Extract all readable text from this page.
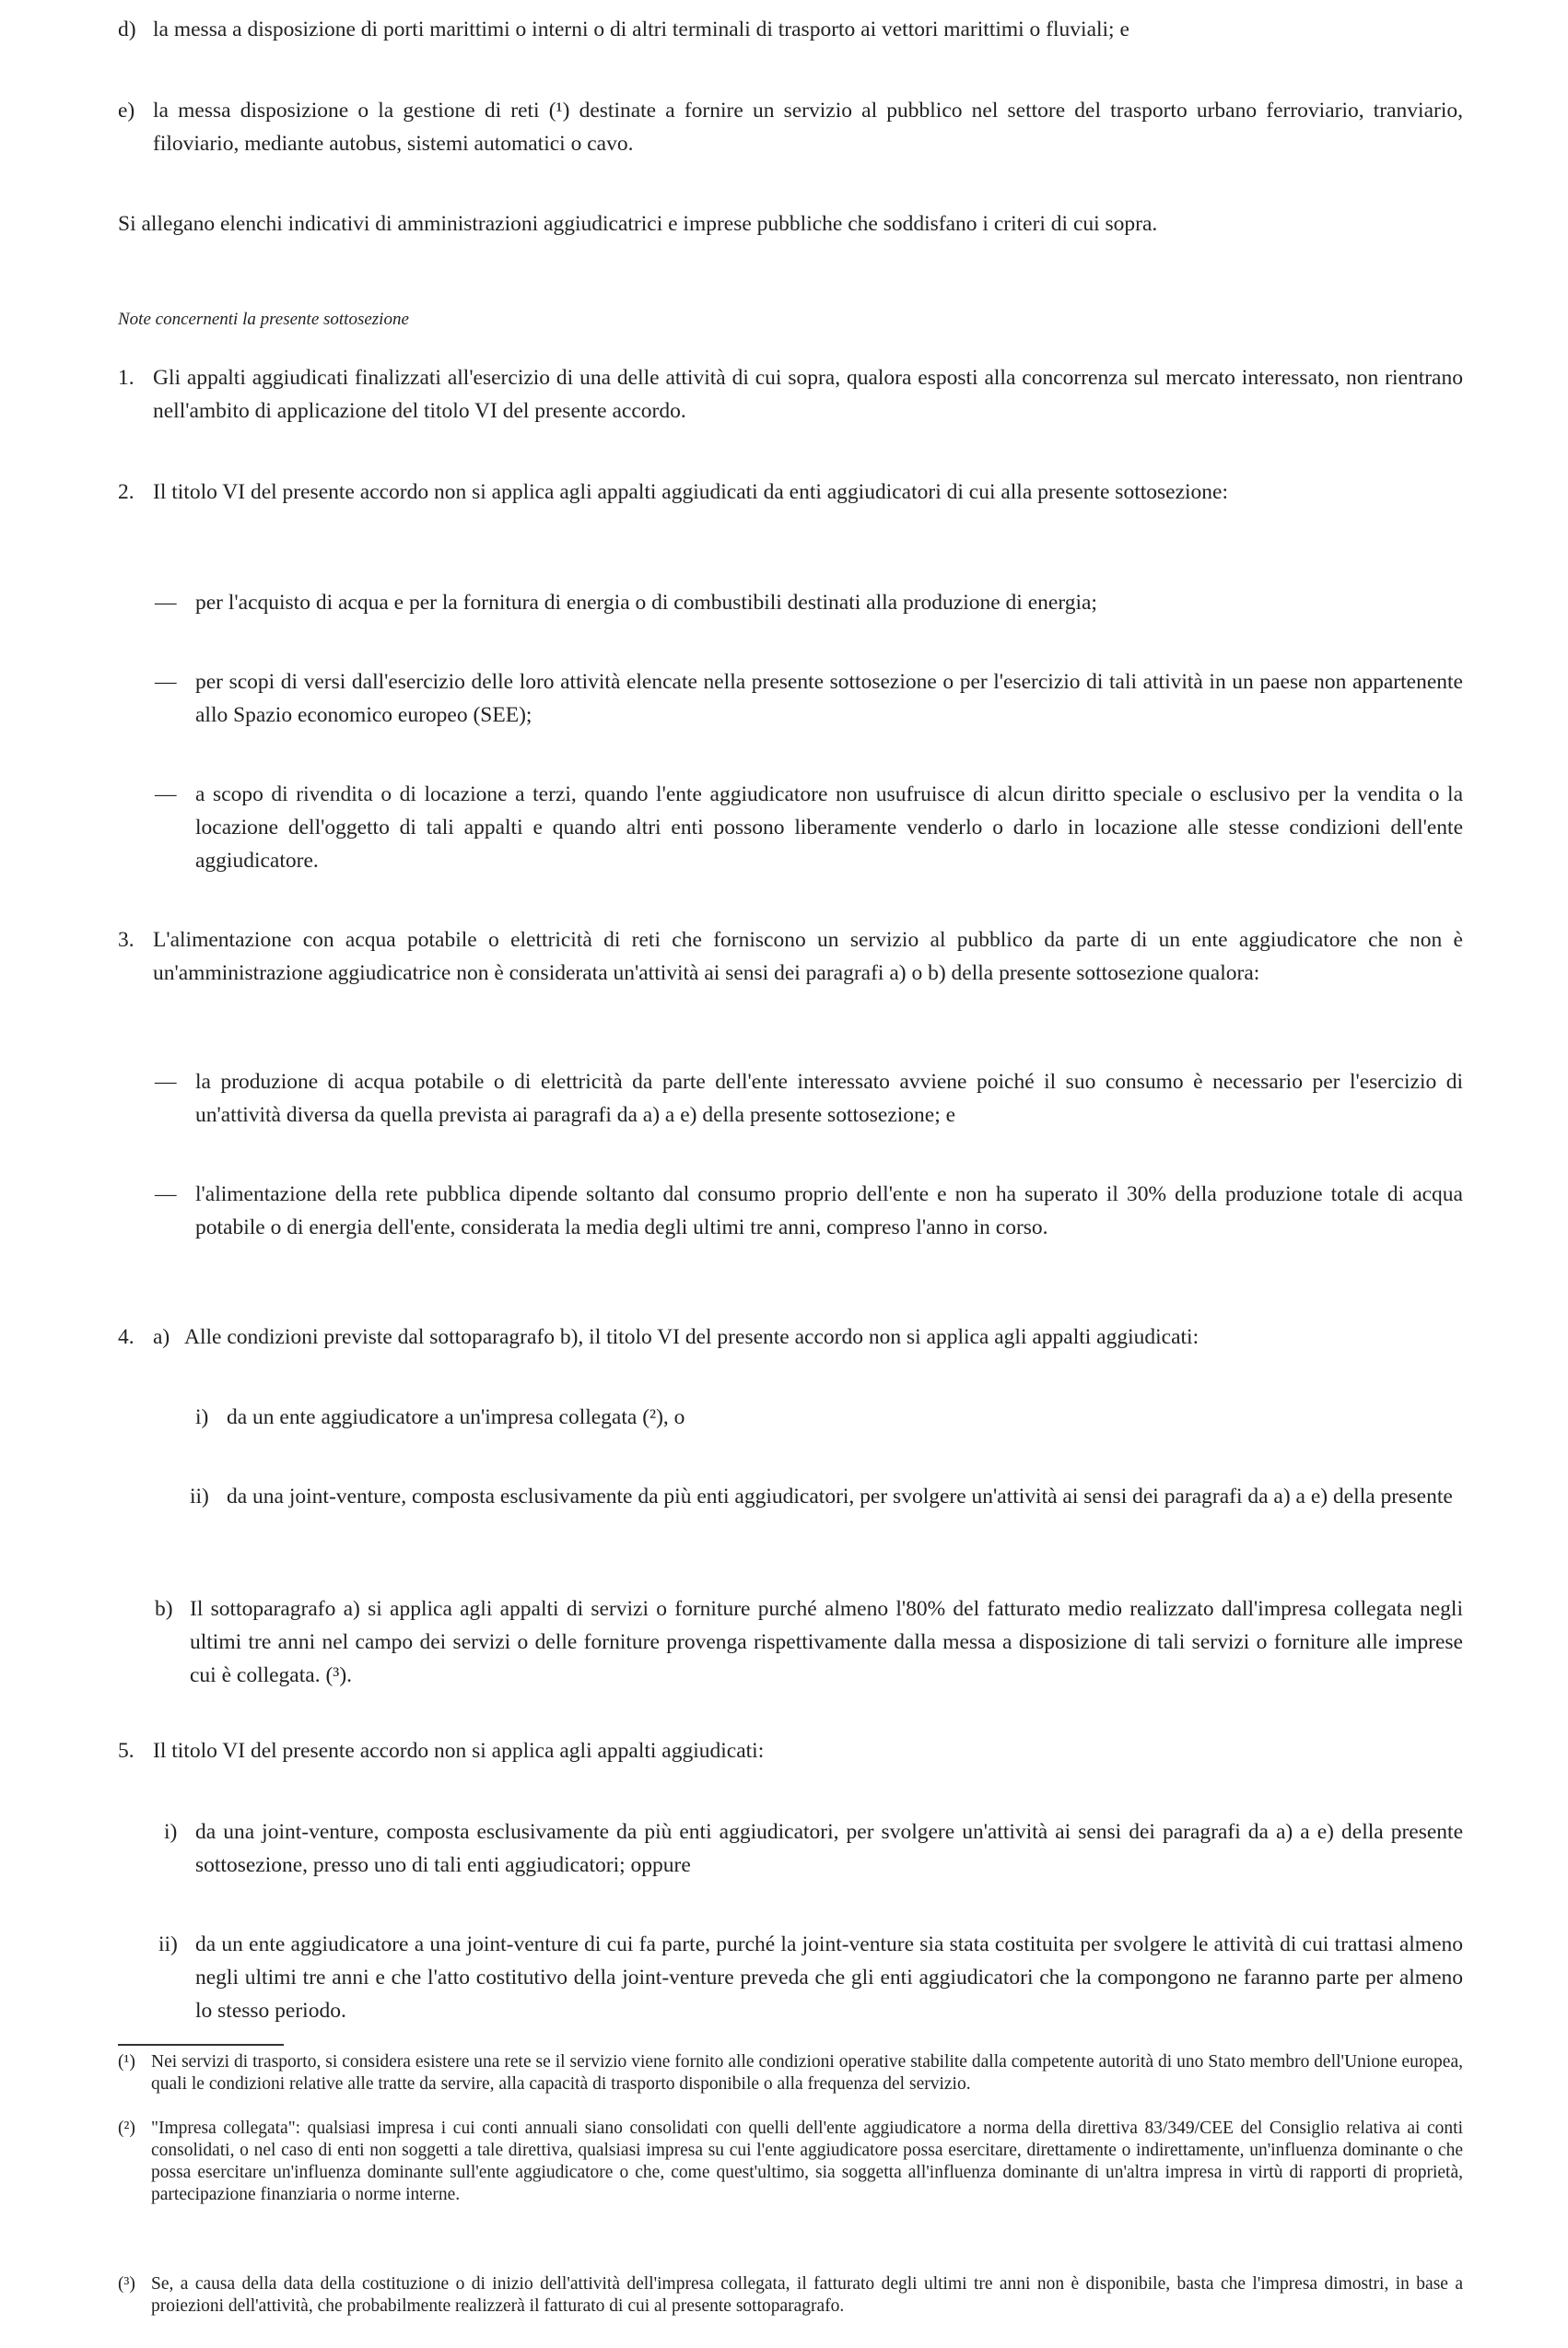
d) la messa a disposizione di porti marittimi o interni o di altri terminali di trasporto ai vettori marittimi o fluviali; e

e) la messa disposizione o la gestione di reti (¹) destinate a fornire un servizio al pubblico nel settore del trasporto urbano ferroviario, tranviario, filoviario, mediante autobus, sistemi automatici o cavo.

Si allegano elenchi indicativi di amministrazioni aggiudicatrici e imprese pubbliche che soddisfano i criteri di cui sopra.

Note concernenti la presente sottosezione
1. Gli appalti aggiudicati finalizzati all'esercizio di una delle attività di cui sopra, qualora esposti alla concorrenza sul mercato interessato, non rientrano nell'ambito di applicazione del titolo VI del presente accordo.

2. Il titolo VI del presente accordo non si applica agli appalti aggiudicati da enti aggiudicatori di cui alla presente sottosezione:

— per l'acquisto di acqua e per la fornitura di energia o di combustibili destinati alla produzione di energia;

— per scopi di versi dall'esercizio delle loro attività elencate nella presente sottosezione o per l'esercizio di tali attività in un paese non appartenente allo Spazio economico europeo (SEE);

— a scopo di rivendita o di locazione a terzi, quando l'ente aggiudicatore non usufruisce di alcun diritto speciale o esclusivo per la vendita o la locazione dell'oggetto di tali appalti e quando altri enti possono liberamente venderlo o darlo in locazione alle stesse condizioni dell'ente aggiudicatore.

3. L'alimentazione con acqua potabile o elettricità di reti che forniscono un servizio al pubblico da parte di un ente aggiudicatore che non è un'amministrazione aggiudicatrice non è considerata un'attività ai sensi dei paragrafi a) o b) della presente sottosezione qualora:

— la produzione di acqua potabile o di elettricità da parte dell'ente interessato avviene poiché il suo consumo è necessario per l'esercizio di un'attività diversa da quella prevista ai paragrafi da a) a e) della presente sottosezione; e

— l'alimentazione della rete pubblica dipende soltanto dal consumo proprio dell'ente e non ha superato il 30% della produzione totale di acqua potabile o di energia dell'ente, considerata la media degli ultimi tre anni, compreso l'anno in corso.

4. a) Alle condizioni previste dal sottoparagrafo b), il titolo VI del presente accordo non si applica agli appalti aggiudicati:

i) da un ente aggiudicatore a un'impresa collegata (²), o

ii) da una joint-venture, composta esclusivamente da più enti aggiudicatori, per svolgere un'attività ai sensi dei paragrafi da a) a e) della presente

b) Il sottoparagrafo a) si applica agli appalti di servizi o forniture purché almeno l'80% del fatturato medio realizzato dall'impresa collegata negli ultimi tre anni nel campo dei servizi o delle forniture provenga rispettivamente dalla messa a disposizione di tali servizi o forniture alle imprese cui è collegata. (³).

5. Il titolo VI del presente accordo non si applica agli appalti aggiudicati:

i) da una joint-venture, composta esclusivamente da più enti aggiudicatori, per svolgere un'attività ai sensi dei paragrafi da a) a e) della presente sottosezione, presso uno di tali enti aggiudicatori; oppure

ii) da un ente aggiudicatore a una joint-venture di cui fa parte, purché la joint-venture sia stata costituita per svolgere le attività di cui trattasi almeno negli ultimi tre anni e che l'atto costitutivo della joint-venture preveda che gli enti aggiudicatori che la compongono ne faranno parte per almeno lo stesso periodo.

(¹) Nei servizi di trasporto, si considera esistere una rete se il servizio viene fornito alle condizioni operative stabilite dalla competente autorità di uno Stato membro dell'Unione europea, quali le condizioni relative alle tratte da servire, alla capacità di trasporto disponibile o alla frequenza del servizio.

(²) "Impresa collegata": qualsiasi impresa i cui conti annuali siano consolidati con quelli dell'ente aggiudicatore a norma della direttiva 83/349/CEE del Consiglio relativa ai conti consolidati, o nel caso di enti non soggetti a tale direttiva, qualsiasi impresa su cui l'ente aggiudicatore possa esercitare, direttamente o indirettamente, un'influenza dominante o che possa esercitare un'influenza dominante sull'ente aggiudicatore o che, come quest'ultimo, sia soggetta all'influenza dominante di un'altra impresa in virtù di rapporti di proprietà, partecipazione finanziaria o norme interne.

(³) Se, a causa della data della costituzione o di inizio dell'attività dell'impresa collegata, il fatturato degli ultimi tre anni non è disponibile, basta che l'impresa dimostri, in base a proiezioni dell'attività, che probabilmente realizzerà il fatturato di cui al presente sottoparagrafo.
